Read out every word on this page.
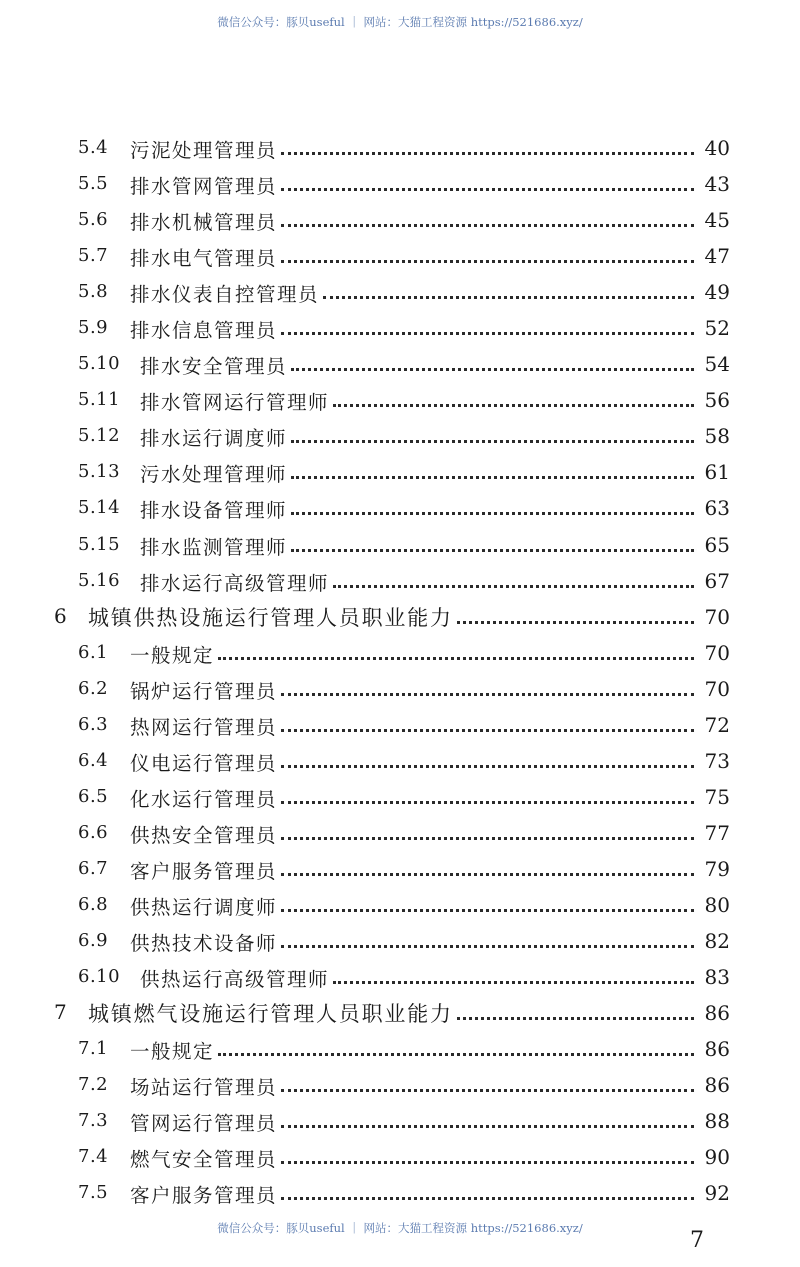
微信公众号：豚贝useful ｜ 网站：大猫工程资源 https://521686.xyz/
5.4 污泥处理管理员	40
5.5 排水管网管理员	43
5.6 排水机械管理员	45
5.7 排水电气管理员	47
5.8 排水仪表自控管理员	49
5.9 排水信息管理员	52
5.10 排水安全管理员	54
5.11 排水管网运行管理师	56
5.12 排水运行调度师	58
5.13 污水处理管理师	61
5.14 排水设备管理师	63
5.15 排水监测管理师	65
5.16 排水运行高级管理师	67
6 城镇供热设施运行管理人员职业能力	70
6.1 一般规定	70
6.2 锅炉运行管理员	70
6.3 热网运行管理员	72
6.4 仪电运行管理员	73
6.5 化水运行管理员	75
6.6 供热安全管理员	77
6.7 客户服务管理员	79
6.8 供热运行调度师	80
6.9 供热技术设备师	82
6.10 供热运行高级管理师	83
7 城镇燃气设施运行管理人员职业能力	86
7.1 一般规定	86
7.2 场站运行管理员	86
7.3 管网运行管理员	88
7.4 燃气安全管理员	90
7.5 客户服务管理员	92
7
微信公众号：豚贝useful ｜ 网站：大猫工程资源 https://521686.xyz/
